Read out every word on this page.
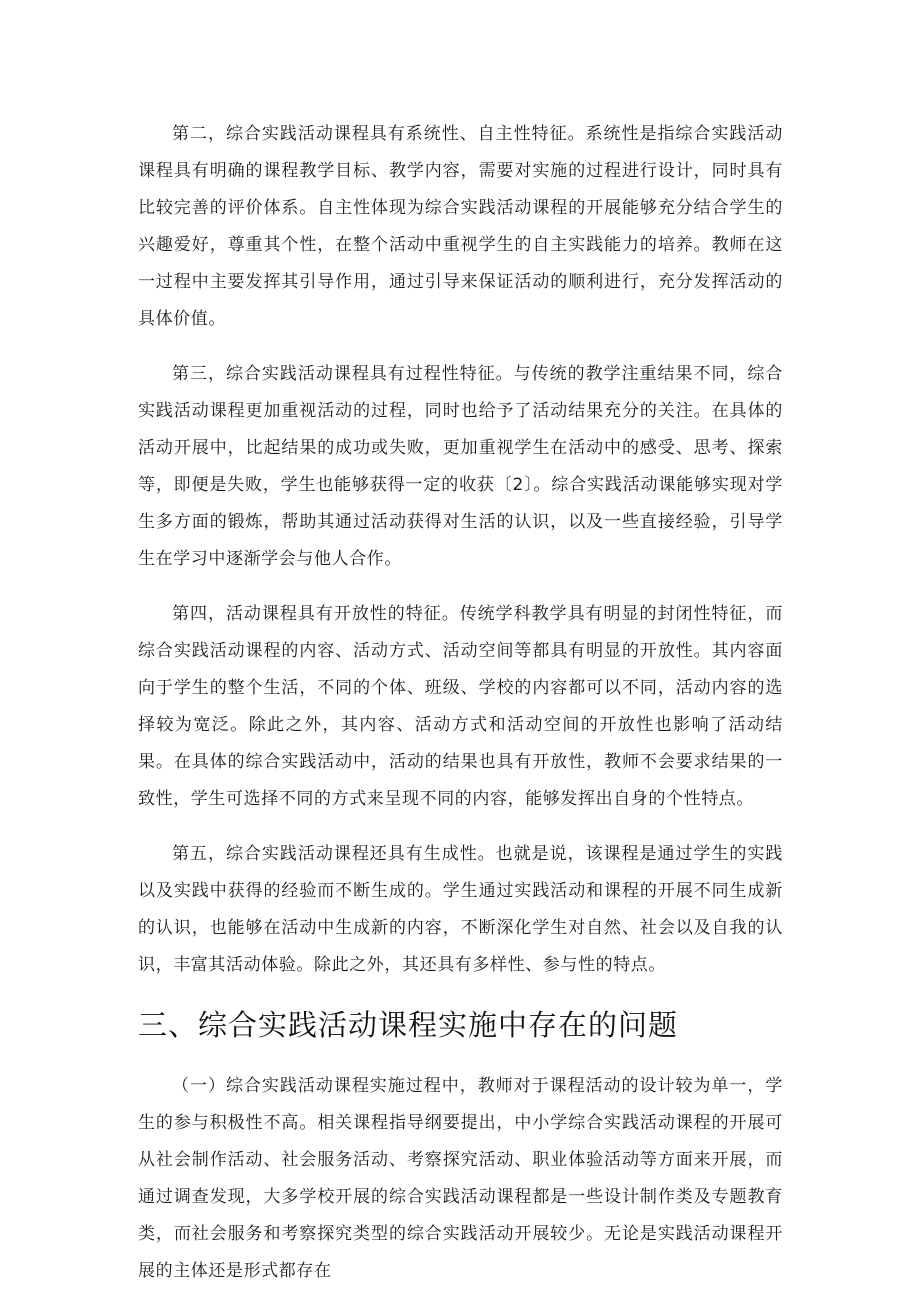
第二，综合实践活动课程具有系统性、自主性特征。系统性是指综合实践活动课程具有明确的课程教学目标、教学内容，需要对实施的过程进行设计，同时具有比较完善的评价体系。自主性体现为综合实践活动课程的开展能够充分结合学生的兴趣爱好，尊重其个性，在整个活动中重视学生的自主实践能力的培养。教师在这一过程中主要发挥其引导作用，通过引导来保证活动的顺利进行，充分发挥活动的具体价值。

第三，综合实践活动课程具有过程性特征。与传统的教学注重结果不同，综合实践活动课程更加重视活动的过程，同时也给予了活动结果充分的关注。在具体的活动开展中，比起结果的成功或失败，更加重视学生在活动中的感受、思考、探索等，即便是失败，学生也能够获得一定的收获〔2〕。综合实践活动课能够实现对学生多方面的锻炼，帮助其通过活动获得对生活的认识，以及一些直接经验，引导学生在学习中逐渐学会与他人合作。

第四，活动课程具有开放性的特征。传统学科教学具有明显的封闭性特征，而综合实践活动课程的内容、活动方式、活动空间等都具有明显的开放性。其内容面向于学生的整个生活，不同的个体、班级、学校的内容都可以不同，活动内容的选择较为宽泛。除此之外，其内容、活动方式和活动空间的开放性也影响了活动结果。在具体的综合实践活动中，活动的结果也具有开放性，教师不会要求结果的一致性，学生可选择不同的方式来呈现不同的内容，能够发挥出自身的个性特点。

第五，综合实践活动课程还具有生成性。也就是说，该课程是通过学生的实践以及实践中获得的经验而不断生成的。学生通过实践活动和课程的开展不同生成新的认识，也能够在活动中生成新的内容，不断深化学生对自然、社会以及自我的认识，丰富其活动体验。除此之外，其还具有多样性、参与性的特点。

三、综合实践活动课程实施中存在的问题

（一）综合实践活动课程实施过程中，教师对于课程活动的设计较为单一，学生的参与积极性不高。相关课程指导纲要提出，中小学综合实践活动课程的开展可从社会制作活动、社会服务活动、考察探究活动、职业体验活动等方面来开展，而通过调查发现，大多学校开展的综合实践活动课程都是一些设计制作类及专题教育类，而社会服务和考察探究类型的综合实践活动开展较少。无论是实践活动课程开展的主体还是形式都存在
